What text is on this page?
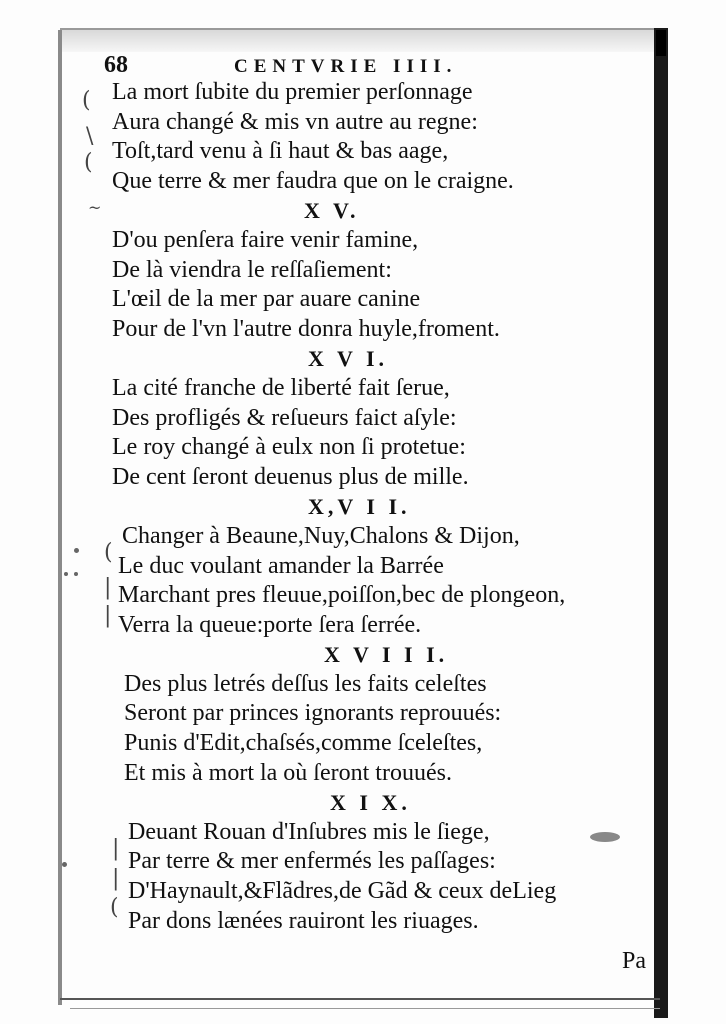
68	CENTVRIE IIII.
(
\
(
~
(
|
|
|
|
(
La mort ſubite du premier perſonnage
Aura changé & mis vn autre au regne:
Toſt,tard venu à ſi haut & bas aage,
Que terre & mer faudra que on le craigne.
X V.
D'ou penſera faire venir famine,
De là viendra le reſſaſiement:
L'œil de la mer par auare canine
Pour de l'vn l'autre donra huyle,froment.
X V I.
La cité franche de liberté fait ſerue,
Des profligés & reſueurs faict aſyle:
Le roy changé à eulx non ſi protetue:
De cent ſeront deuenus plus de mille.
X,V I I.
Changer à Beaune,Nuy,Chalons & Dijon,
Le duc voulant amander la Barrée
Marchant pres fleuue,poiſſon,bec de plongeon,
Verra la queue:porte ſera ſerrée.
X V I I I.
Des plus letrés deſſus les faits celeſtes
Seront par princes ignorants reprouués:
Punis d'Edit,chaſsés,comme ſceleſtes,
Et mis à mort la où ſeront trouués.
X I X.
Deuant Rouan d'Inſubres mis le ſiege,
Par terre & mer enfermés les paſſages:
D'Haynault,&Flãdres,de Gãd & ceux deLieg
Par dons lænées rauiront les riuages.
Pa
